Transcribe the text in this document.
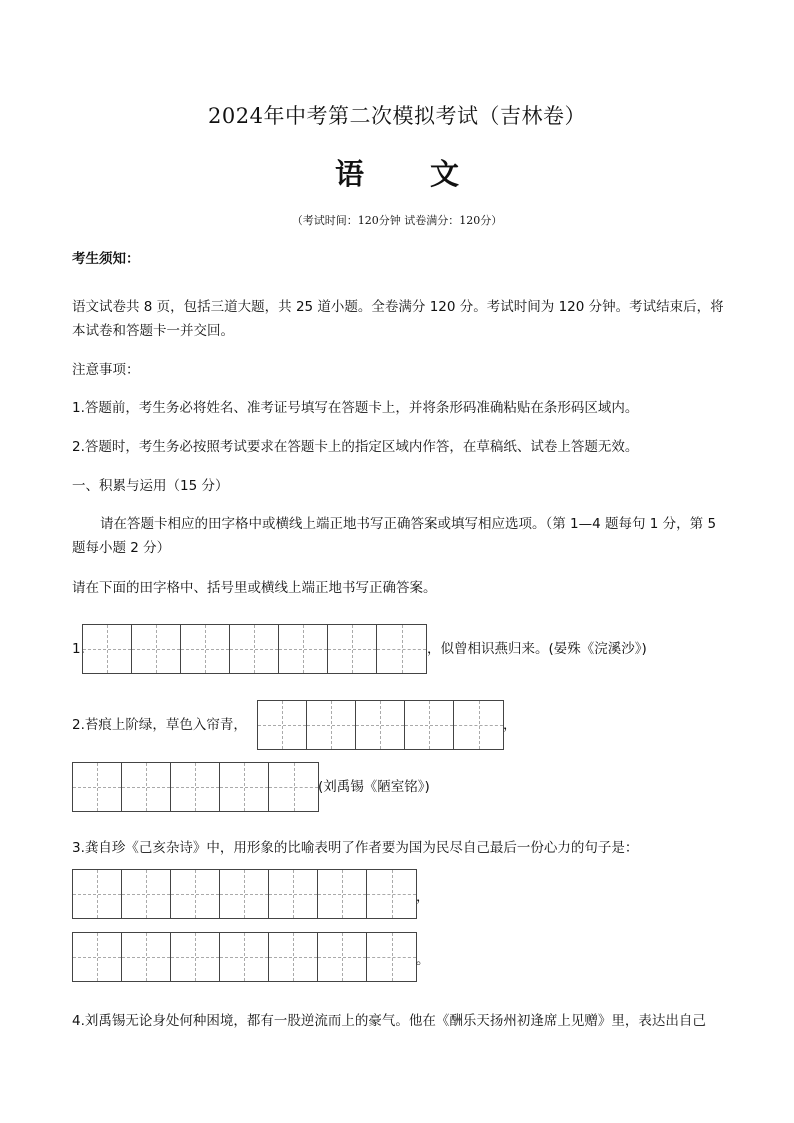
2024年中考第二次模拟考试（吉林卷）
语 文
（考试时间：120分钟 试卷满分：120分）
考生须知：
语文试卷共 8 页，包括三道大题，共 25 道小题。全卷满分 120 分。考试时间为 120 分钟。考试结束后，将
本试卷和答题卡一并交回。
注意事项：
1.答题前，考生务必将姓名、准考证号填写在答题卡上，并将条形码准确粘贴在条形码区域内。
2.答题时，考生务必按照考试要求在答题卡上的指定区域内作答，在草稿纸、试卷上答题无效。
一、积累与运用（15 分）
请在答题卡相应的田字格中或横线上端正地书写正确答案或填写相应选项。（第 1—4 题每句 1 分，第 5
题每小题 2 分）
请在下面的田字格中、括号里或横线上端正地书写正确答案。
1.	，似曾相识燕归来。(晏殊《浣溪沙》)
2.苔痕上阶绿，草色入帘青，	，
(刘禹锡《陋室铭》)
3.龚自珍《己亥杂诗》中，用形象的比喻表明了作者要为国为民尽自己最后一份心力的句子是：
，
。
4.刘禹锡无论身处何种困境，都有一股逆流而上的豪气。他在《酬乐天扬州初逢席上见赠》里，表达出自己
